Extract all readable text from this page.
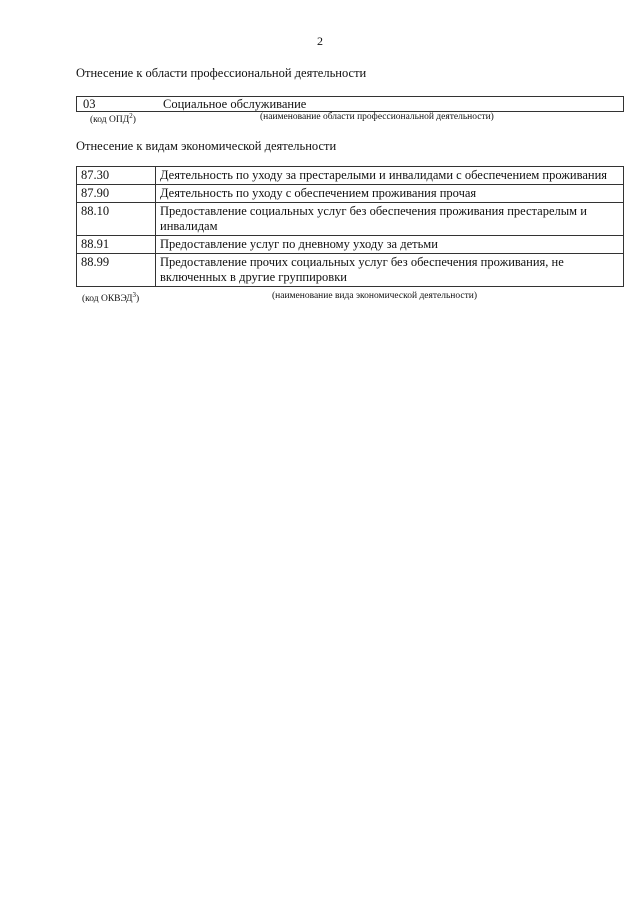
2
Отнесение к области профессиональной деятельности
03	Социальное обслуживание
(код ОПД$^2$)	(наименование области профессиональной деятельности)
Отнесение к видам экономической деятельности
87.30	Деятельность по уходу за престарелыми и инвалидами с обеспечением проживания
87.90	Деятельность по уходу с обеспечением проживания прочая
88.10	Предоставление социальных услуг без обеспечения проживания престарелым и инвалидам
88.91	Предоставление услуг по дневному уходу за детьми
88.99	Предоставление прочих социальных услуг без обеспечения проживания, не включенных в другие группировки
(код ОКВЭД$^3$)	(наименование вида экономической деятельности)
